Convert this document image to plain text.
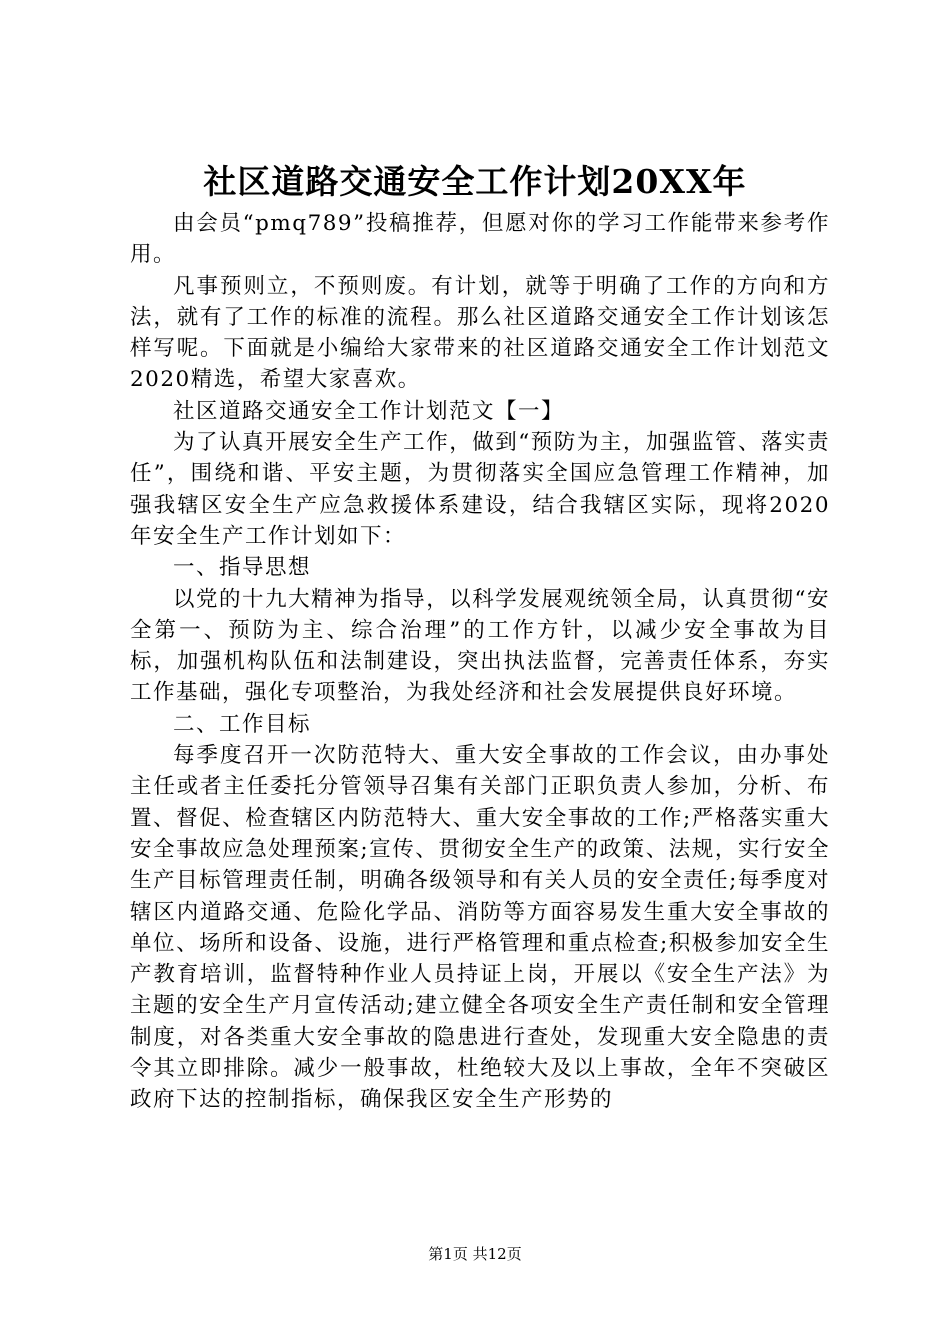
社区道路交通安全工作计划20XX年

由会员“pmq789”投稿推荐，但愿对你的学习工作能带来参考作用。

凡事预则立，不预则废。有计划，就等于明确了工作的方向和方法，就有了工作的标准的流程。那么社区道路交通安全工作计划该怎样写呢。下面就是小编给大家带来的社区道路交通安全工作计划范文2020精选，希望大家喜欢。

社区道路交通安全工作计划范文【一】

为了认真开展安全生产工作，做到“预防为主，加强监管、落实责任”，围绕和谐、平安主题，为贯彻落实全国应急管理工作精神，加强我辖区安全生产应急救援体系建设，结合我辖区实际，现将2020年安全生产工作计划如下：

一、指导思想

以党的十九大精神为指导，以科学发展观统领全局，认真贯彻“安全第一、预防为主、综合治理”的工作方针，以减少安全事故为目标，加强机构队伍和法制建设，突出执法监督，完善责任体系，夯实工作基础，强化专项整治，为我处经济和社会发展提供良好环境。

二、工作目标

每季度召开一次防范特大、重大安全事故的工作会议，由办事处主任或者主任委托分管领导召集有关部门正职负责人参加，分析、布置、督促、检查辖区内防范特大、重大安全事故的工作;严格落实重大安全事故应急处理预案;宣传、贯彻安全生产的政策、法规，实行安全生产目标管理责任制，明确各级领导和有关人员的安全责任;每季度对辖区内道路交通、危险化学品、消防等方面容易发生重大安全事故的单位、场所和设备、设施，进行严格管理和重点检查;积极参加安全生产教育培训，监督特种作业人员持证上岗，开展以《安全生产法》为主题的安全生产月宣传活动;建立健全各项安全生产责任制和安全管理制度，对各类重大安全事故的隐患进行查处，发现重大安全隐患的责令其立即排除。减少一般事故，杜绝较大及以上事故，全年不突破区政府下达的控制指标，确保我区安全生产形势的

第1页 共12页
